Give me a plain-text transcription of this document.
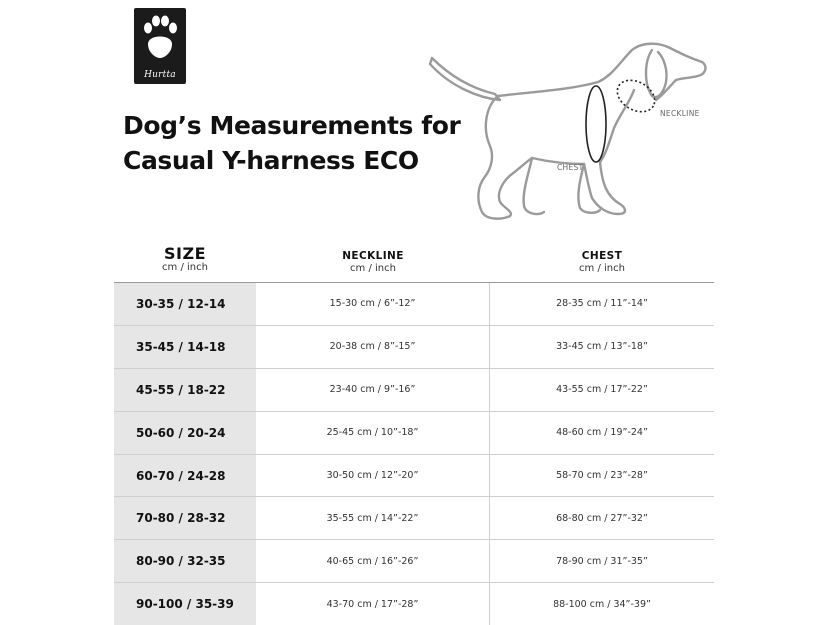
Hurtta
Dog’s Measurements for
Casual Y-harness ECO
NECKLINE
CHEST
SIZE
cm / inch
NECKLINE
cm / inch
CHEST
cm / inch
30-35 / 12-14	15-30 cm / 6”-12”	28-35 cm / 11”-14”
35-45 / 14-18	20-38 cm / 8”-15”	33-45 cm / 13”-18”
45-55 / 18-22	23-40 cm / 9”-16”	43-55 cm / 17”-22”
50-60 / 20-24	25-45 cm / 10”-18”	48-60 cm / 19”-24”
60-70 / 24-28	30-50 cm / 12”-20”	58-70 cm / 23”-28”
70-80 / 28-32	35-55 cm / 14”-22”	68-80 cm / 27”-32”
80-90 / 32-35	40-65 cm / 16”-26”	78-90 cm / 31”-35”
90-100 / 35-39	43-70 cm / 17”-28”	88-100 cm / 34”-39”
